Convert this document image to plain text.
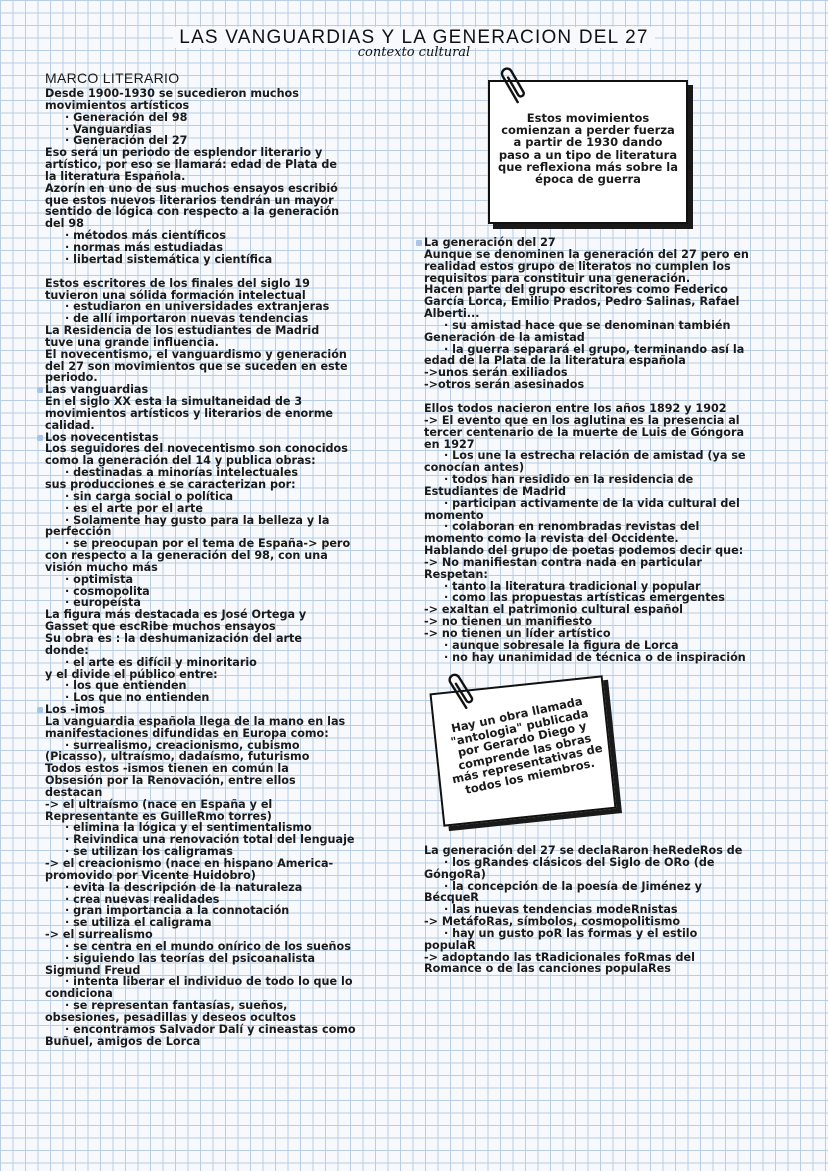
LAS VANGUARDIAS Y LA GENERACION DEL 27
contexto cultural
MARCO LITERARIO

Desde 1900-1930 se sucedieron muchos

movimientos artísticos

· Generación del 98

· Vanguardias

· Generación del 27

Eso será un periodo de esplendor literario y

artístico, por eso se llamará: edad de Plata de

la literatura Española.

Azorín en uno de sus muchos ensayos escribió

que estos nuevos literarios tendrán un mayor

sentido de lógica con respecto a la generación

del 98

· métodos más científicos

· normas más estudiadas

· libertad sistemática y científica

Estos escritores de los finales del siglo 19

tuvieron una sólida formación intelectual

· estudiaron en universidades extranjeras

· de allí importaron nuevas tendencias

La Residencia de los estudiantes de Madrid

tuve una grande influencia.

El novecentismo, el vanguardismo y generación

del 27 son movimientos que se suceden en este

periodo.

Las vanguardias

En el siglo XX esta la simultaneidad de 3

movimientos artísticos y literarios de enorme

calidad.

Los novecentistas

Los seguidores del novecentismo son conocidos

como la generación del 14 y publica obras:

· destinadas a minorías intelectuales

sus producciones e se caracterizan por:

· sin carga social o política

· es el arte por el arte

· Solamente hay gusto para la belleza y la

perfección

· se preocupan por el tema de España-> pero

con respecto a la generación del 98, con una

visión mucho más

· optimista

· cosmopolita

· europeísta

La figura más destacada es José Ortega y

Gasset que escRibe muchos ensayos

Su obra es : la deshumanización del arte

donde:

· el arte es difícil y minoritario

y el divide el público entre:

· los que entienden

· Los que no entienden

Los -imos

La vanguardia española llega de la mano en las

manifestaciones difundidas en Europa como:

· surrealismo, creacionismo, cubismo

(Picasso), ultraísmo, dadaísmo, futurismo

Todos estos -ismos tienen en común la

Obsesión por la Renovación, entre ellos

destacan

-> el ultraísmo (nace en España y el

Representante es GuilleRmo torres)

· elimina la lógica y el sentimentalismo

· Reivindica una renovación total del lenguaje

· se utilizan los caligramas

-> el creacionismo (nace en hispano America-

promovido por Vicente Huidobro)

· evita la descripción de la naturaleza

· crea nuevas realidades

· gran importancia a la connotación

· se utiliza el caligrama

-> el surrealismo

· se centra en el mundo onírico de los sueños

· siguiendo las teorías del psicoanalista

Sigmund Freud

· intenta liberar el individuo de todo lo que lo

condiciona

· se representan fantasías, sueños,

obsesiones, pesadillas y deseos ocultos

· encontramos Salvador Dalí y cineastas como

Buñuel, amigos de Lorca

La generación del 27

Aunque se denominen la generación del 27 pero en

realidad estos grupo de literatos no cumplen los

requisitos para constituir una generación.

Hacen parte del grupo escritores como Federico

García Lorca, Emilio Prados, Pedro Salinas, Rafael

Alberti...

· su amistad hace que se denominan también

Generación de la amistad

· la guerra separará el grupo, terminando así la

edad de la Plata de la literatura española

->unos serán exiliados

->otros serán asesinados

Ellos todos nacieron entre los años 1892 y 1902

-> El evento que en los aglutina es la presencia al

tercer centenario de la muerte de Luis de Góngora

en 1927

· Los une la estrecha relación de amistad (ya se

conocían antes)

· todos han residido en la residencia de

Estudiantes de Madrid

· participan activamente de la vida cultural del

momento

· colaboran en renombradas revistas del

momento como la revista del Occidente.

Hablando del grupo de poetas podemos decir que:

-> No manifiestan contra nada en particular

Respetan:

· tanto la literatura tradicional y popular

· como las propuestas artísticas emergentes

-> exaltan el patrimonio cultural español

-> no tienen un manifiesto

-> no tienen un líder artístico

· aunque sobresale la figura de Lorca

· no hay unanimidad de técnica o de inspiración

La generación del 27 se declaRaron heRedeRos de

· los gRandes clásicos del Siglo de ORo (de

GóngoRa)

· la concepción de la poesía de Jiménez y

BécqueR

· las nuevas tendencias modeRnistas

-> MetáfoRas, símbolos, cosmopolitismo

· hay un gusto poR las formas y el estilo

populaR

-> adoptando las tRadicionales foRmas del

Romance o de las canciones populaRes

Estos movimientos comienzan a perder fuerza a partir de 1930 dando paso a un tipo de literatura que reflexiona más sobre la época de guerra
Hay un obra llamada "antologia" publicada por Gerardo Diego y comprende las obras más representativas de todos los miembros.
